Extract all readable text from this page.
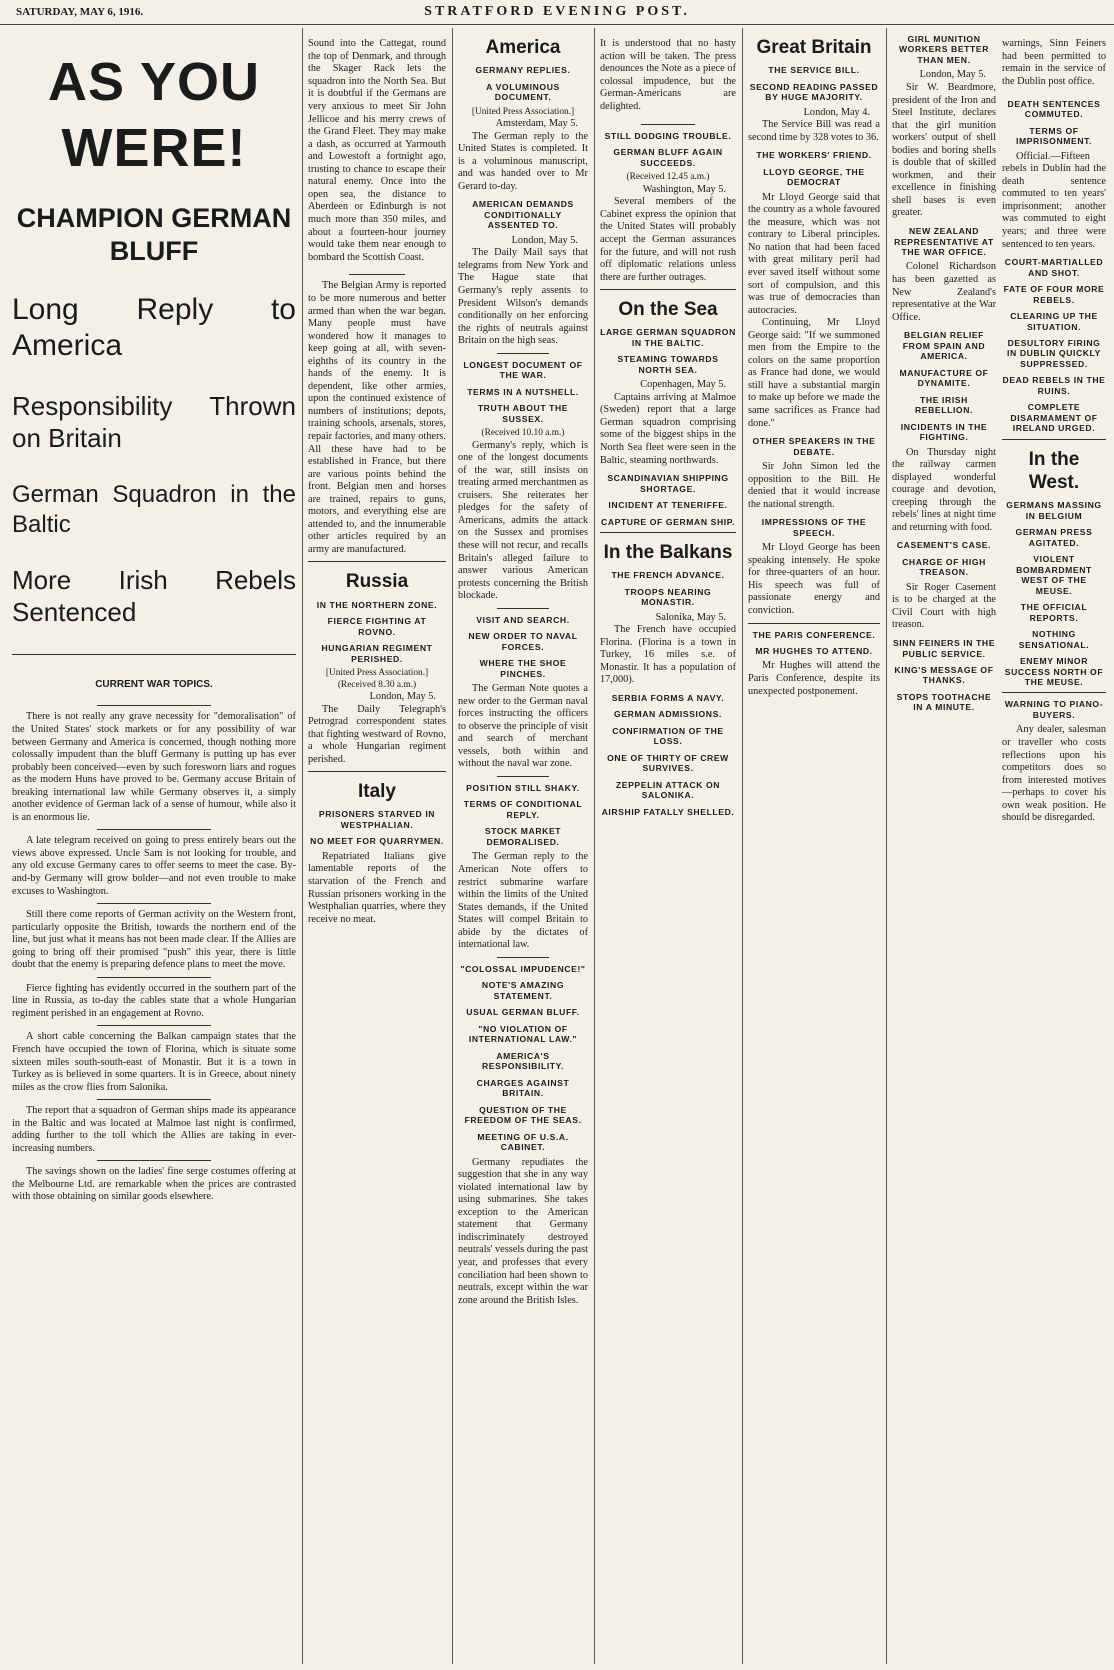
SATURDAY, MAY 6, 1916.	STRATFORD EVENING POST.
AS YOU WERE!
CHAMPION GERMAN BLUFF
Long Reply to America
Responsibility Thrown on Britain
German Squadron in the Baltic
More Irish Rebels Sentenced
CURRENT WAR TOPICS.

There is not really any grave necessity for "demoralisation" of the United States' stock markets or for any possibility of war between Germany and America is concerned, though nothing more colossally impudent than the bluff Germany is putting up has ever probably been conceived—even by such foresworn liars and rogues as the modern Huns have proved to be. Germany accuse Britain of breaking international law while Germany observes it, a simply another evidence of German lack of a sense of humour, while also it is an enormous lie.

A late telegram received on going to press entirely bears out the views above expressed. Uncle Sam is not looking for trouble, and any old excuse Germany cares to offer seems to meet the case. By-and-by Germany will grow bolder—and not even trouble to make excuses to Washington.

Still there come reports of German activity on the Western front, particularly opposite the British, towards the northern end of the line, but just what it means has not been made clear. If the Allies are going to bring off their promised "push" this year, there is little doubt that the enemy is preparing defence plans to meet the move.

Fierce fighting has evidently occurred in the southern part of the line in Russia, as to-day the cables state that a whole Hungarian regiment perished in an engagement at Rovno.

A short cable concerning the Balkan campaign states that the French have occupied the town of Florina, which is situate some sixteen miles south-south-east of Monastir. But it is a town in Turkey as is believed in some quarters. It is in Greece, about ninety miles as the crow flies from Salonika.

The report that a squadron of German ships made its appearance in the Baltic and was located at Malmoe last night is confirmed, adding further to the toll which the Allies are taking in ever-increasing numbers.

The savings shown on the ladies' fine serge costumes offering at the Melbourne Ltd. are remarkable when the prices are contrasted with those obtaining on similar goods elsewhere.

Sound into the Cattegat, round the top of Denmark, and through the Skager Rack lets the squadron into the North Sea. But it is doubtful if the Germans are very anxious to meet Sir John Jellicoe and his merry crews of the Grand Fleet. They may make a dash, as occurred at Yarmouth and Lowestoft a fortnight ago, trusting to chance to escape their natural enemy. Once into the open sea, the distance to Aberdeen or Edinburgh is not much more than 350 miles, and about a fourteen-hour journey would take them near enough to bombard the Scottish Coast.

The Belgian Army is reported to be more numerous and better armed than when the war began. Many people must have wondered how it manages to keep going at all, with seven-eighths of its country in the hands of the enemy. It is dependent, like other armies, upon the continued existence of numbers of institutions; depots, training schools, arsenals, stores, repair factories, and many others. All these have had to be established in France, but there are various points behind the front. Belgian men and horses are trained, repairs to guns, motors, and everything else are attended to, and the innumerable other articles required by an army are manufactured.

Russia
IN THE NORTHERN ZONE.
FIERCE FIGHTING AT ROVNO.
HUNGARIAN REGIMENT PERISHED.

[United Press Association.]

(Received 8.30 a.m.)

London, May 5.

The Daily Telegraph's Petrograd correspondent states that fighting westward of Rovno, a whole Hungarian regiment perished.

Italy
PRISONERS STARVED IN WESTPHALIAN.
NO MEET FOR QUARRYMEN.

Repatriated Italians give lamentable reports of the starvation of the French and Russian prisoners working in the Westphalian quarries, where they receive no meat.

America
GERMANY REPLIES.
A VOLUMINOUS DOCUMENT.

[United Press Association.]

Amsterdam, May 5.

The German reply to the United States is completed. It is a voluminous manuscript, and was handed over to Mr Gerard to-day.

AMERICAN DEMANDS CONDITIONALLY ASSENTED TO.

London, May 5.

The Daily Mail says that telegrams from New York and The Hague state that Germany's reply assents to President Wilson's demands conditionally on her enforcing the rights of neutrals against Britain on the high seas.

LONGEST DOCUMENT OF THE WAR.
TERMS IN A NUTSHELL.
TRUTH ABOUT THE SUSSEX.

(Received 10.10 a.m.)

Germany's reply, which is one of the longest documents of the war, still insists on treating armed merchantmen as cruisers. She reiterates her pledges for the safety of Americans, admits the attack on the Sussex and promises these will not recur, and recalls Britain's alleged failure to answer various American protests concerning the British blockade.

VISIT AND SEARCH.
NEW ORDER TO NAVAL FORCES.
WHERE THE SHOE PINCHES.

The German Note quotes a new order to the German naval forces instructing the officers to observe the principle of visit and search of merchant vessels, both within and without the naval war zone.

POSITION STILL SHAKY.
TERMS OF CONDITIONAL REPLY.
STOCK MARKET DEMORALISED.

The German reply to the American Note offers to restrict submarine warfare within the limits of the United States demands, if the United States will compel Britain to abide by the dictates of international law.

"COLOSSAL IMPUDENCE!"
NOTE'S AMAZING STATEMENT.
USUAL GERMAN BLUFF.
"NO VIOLATION OF INTERNATIONAL LAW."
AMERICA'S RESPONSIBILITY.
CHARGES AGAINST BRITAIN.
QUESTION OF THE FREEDOM OF THE SEAS.
MEETING OF U.S.A. CABINET.

Germany repudiates the suggestion that she in any way violated international law by using submarines. She takes exception to the American statement that Germany indiscriminately destroyed neutrals' vessels during the past year, and professes that every conciliation had been shown to neutrals, except within the war zone around the British Isles.

It is understood that no hasty action will be taken. The press denounces the Note as a piece of colossal impudence, but the German-Americans are delighted.

STILL DODGING TROUBLE.
GERMAN BLUFF AGAIN SUCCEEDS.

(Received 12.45 a.m.)

Washington, May 5.

Several members of the Cabinet express the opinion that the United States will probably accept the German assurances for the future, and will not rush off diplomatic relations unless there are further outrages.

On the Sea
LARGE GERMAN SQUADRON IN THE BALTIC.
STEAMING TOWARDS NORTH SEA.

Copenhagen, May 5.

Captains arriving at Malmoe (Sweden) report that a large German squadron comprising some of the biggest ships in the North Sea fleet were seen in the Baltic, steaming northwards.

SCANDINAVIAN SHIPPING SHORTAGE.
INCIDENT AT TENERIFFE.
CAPTURE OF GERMAN SHIP.
In the Balkans
THE FRENCH ADVANCE.
TROOPS NEARING MONASTIR.

Salonika, May 5.

The French have occupied Florina. (Florina is a town in Turkey, 16 miles s.e. of Monastir. It has a population of 17,000).

SERBIA FORMS A NAVY.
GERMAN ADMISSIONS.
CONFIRMATION OF THE LOSS.
ONE OF THIRTY OF CREW SURVIVES.
ZEPPELIN ATTACK ON SALONIKA.
AIRSHIP FATALLY SHELLED.
Great Britain
THE SERVICE BILL.
SECOND READING PASSED BY HUGE MAJORITY.

London, May 4.

The Service Bill was read a second time by 328 votes to 36.

THE WORKERS' FRIEND.
LLOYD GEORGE, THE DEMOCRAT

Mr Lloyd George said that the country as a whole favoured the measure, which was not contrary to Liberal principles. No nation that had been faced with great military peril had ever saved itself without some sort of compulsion, and this was true of democracies than autocracies.

Continuing, Mr Lloyd George said: "If we summoned men from the Empire to the colors on the same proportion as France had done, we would still have a substantial margin to make up before we made the same sacrifices as France had done."

OTHER SPEAKERS IN THE DEBATE.

Sir John Simon led the opposition to the Bill. He denied that it would increase the national strength.

IMPRESSIONS OF THE SPEECH.

Mr Lloyd George has been speaking intensely. He spoke for three-quarters of an hour. His speech was full of passionate energy and conviction.

THE PARIS CONFERENCE.
MR HUGHES TO ATTEND.

Mr Hughes will attend the Paris Conference, despite its unexpected postponement.

GIRL MUNITION WORKERS BETTER THAN MEN.

London, May 5.

Sir W. Beardmore, president of the Iron and Steel Institute, declares that the girl munition workers' output of shell bodies and boring shells is double that of skilled workmen, and their excellence in finishing shell bases is even greater.

NEW ZEALAND REPRESENTATIVE AT THE WAR OFFICE.

Colonel Richardson has been gazetted as New Zealand's representative at the War Office.

BELGIAN RELIEF FROM SPAIN AND AMERICA.
MANUFACTURE OF DYNAMITE.
THE IRISH REBELLION.
INCIDENTS IN THE FIGHTING.

On Thursday night the railway carmen displayed wonderful courage and devotion, creeping through the rebels' lines at night time and returning with food.

CASEMENT'S CASE.
CHARGE OF HIGH TREASON.

Sir Roger Casement is to be charged at the Civil Court with high treason.

SINN FEINERS IN THE PUBLIC SERVICE.
KING'S MESSAGE OF THANKS.
STOPS TOOTHACHE IN A MINUTE.

warnings, Sinn Feiners had been permitted to remain in the service of the Dublin post office.

DEATH SENTENCES COMMUTED.
TERMS OF IMPRISONMENT.

Official.—Fifteen rebels in Dublin had the death sentence commuted to ten years' imprisonment; another was commuted to eight years; and three were sentenced to ten years.

COURT-MARTIALLED AND SHOT.
FATE OF FOUR MORE REBELS.
CLEARING UP THE SITUATION.
DESULTORY FIRING IN DUBLIN QUICKLY SUPPRESSED.
DEAD REBELS IN THE RUINS.
COMPLETE DISARMAMENT OF IRELAND URGED.
In the West.
GERMANS MASSING IN BELGIUM
GERMAN PRESS AGITATED.
VIOLENT BOMBARDMENT WEST OF THE MEUSE.
THE OFFICIAL REPORTS.
NOTHING SENSATIONAL.
ENEMY MINOR SUCCESS NORTH OF THE MEUSE.
WARNING TO PIANO-BUYERS.

Any dealer, salesman or traveller who costs reflections upon his competitors does so from interested motives—perhaps to cover his own weak position. He should be disregarded.
